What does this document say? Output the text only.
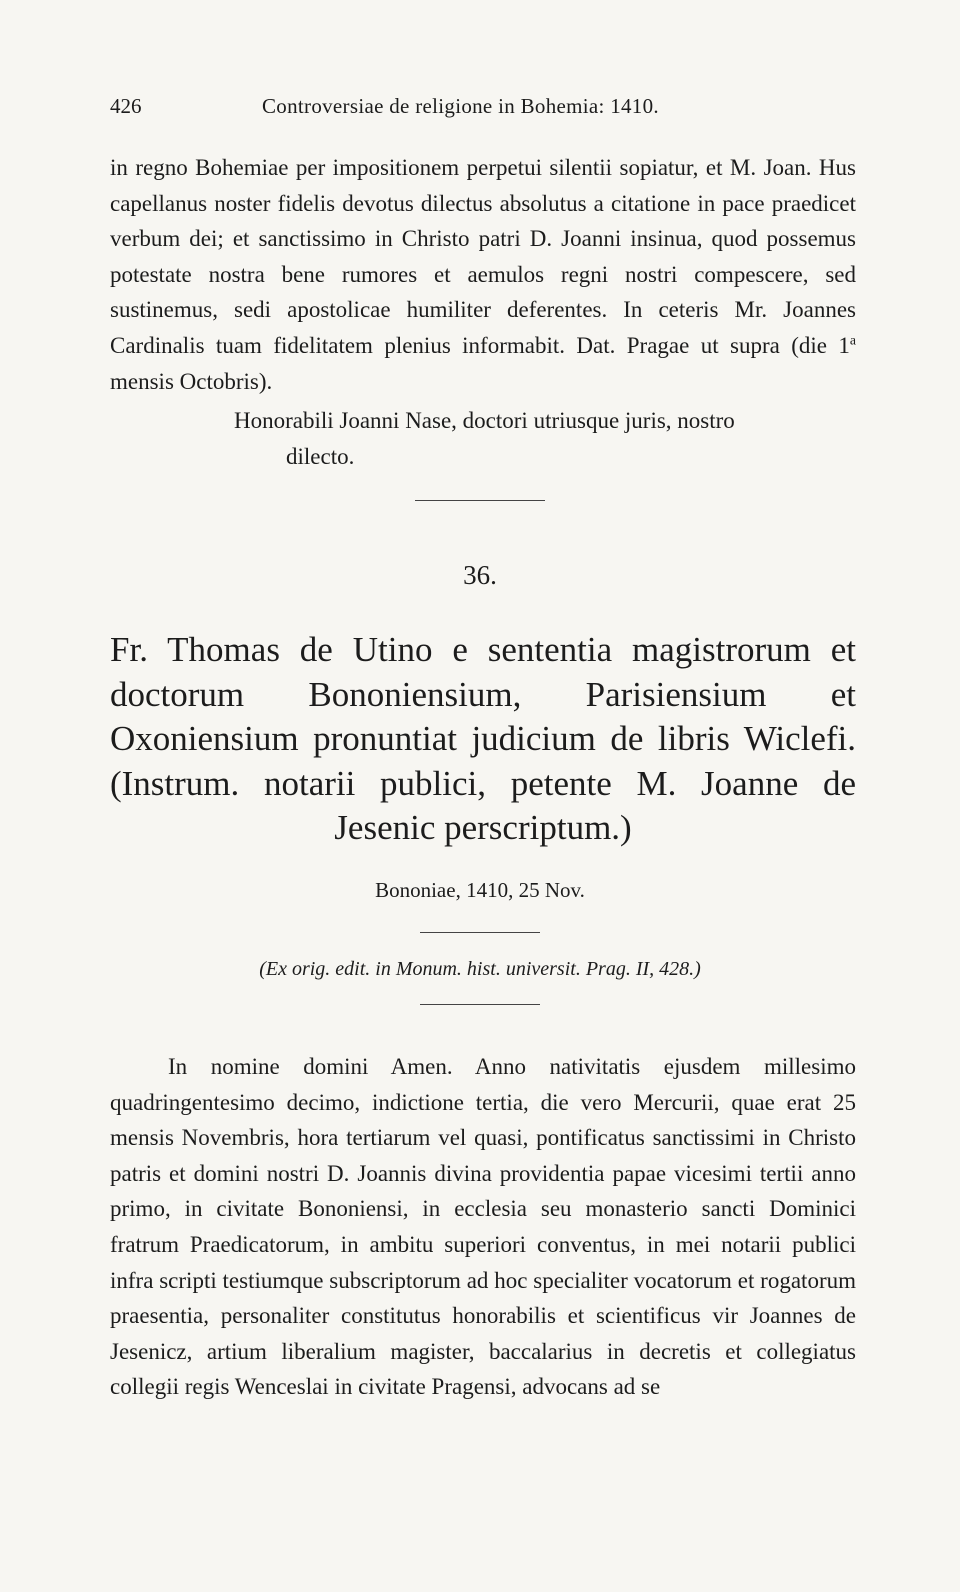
426	Controversiae de religione in Bohemia: 1410.

in regno Bohemiae per impositionem perpetui silentii sopiatur, et M. Joan. Hus capellanus noster fidelis devotus dilectus absolutus a citatione in pace praedicet verbum dei; et sanctissimo in Christo patri D. Joanni insinua, quod possemus potestate nostra bene rumores et aemulos regni nostri compescere, sed sustinemus, sedi apostolicae humiliter deferentes. In ceteris Mr. Joannes Cardinalis tuam fidelitatem plenius informabit. Dat. Pragae ut supra (die 1$^a$ mensis Octobris).

Honorabili Joanni Nase, doctori utriusque juris, nostro
dilecto.

36.

Fr. Thomas de Utino e sententia magistrorum et doctorum Bononiensium, Parisiensium et Oxoniensium pronuntiat judicium de libris Wiclefi. (Instrum. notarii publici, petente M. Joanne de Jesenic perscriptum.)

Bononiae, 1410, 25 Nov.
(Ex orig. edit. in Monum. hist. universit. Prag. II, 428.)

In nomine domini Amen. Anno nativitatis ejusdem millesimo quadringentesimo decimo, indictione tertia, die vero Mercurii, quae erat 25 mensis Novembris, hora tertiarum vel quasi, pontificatus sanctissimi in Christo patris et domini nostri D. Joannis divina providentia papae vicesimi tertii anno primo, in civitate Bononiensi, in ecclesia seu monasterio sancti Dominici fratrum Praedicatorum, in ambitu superiori conventus, in mei notarii publici infra scripti testiumque subscriptorum ad hoc specialiter vocatorum et rogatorum praesentia, personaliter constitutus honorabilis et scientificus vir Joannes de Jesenicz, artium liberalium magister, baccalarius in decretis et collegiatus collegii regis Wenceslai in civitate Pragensi, advocans ad se
